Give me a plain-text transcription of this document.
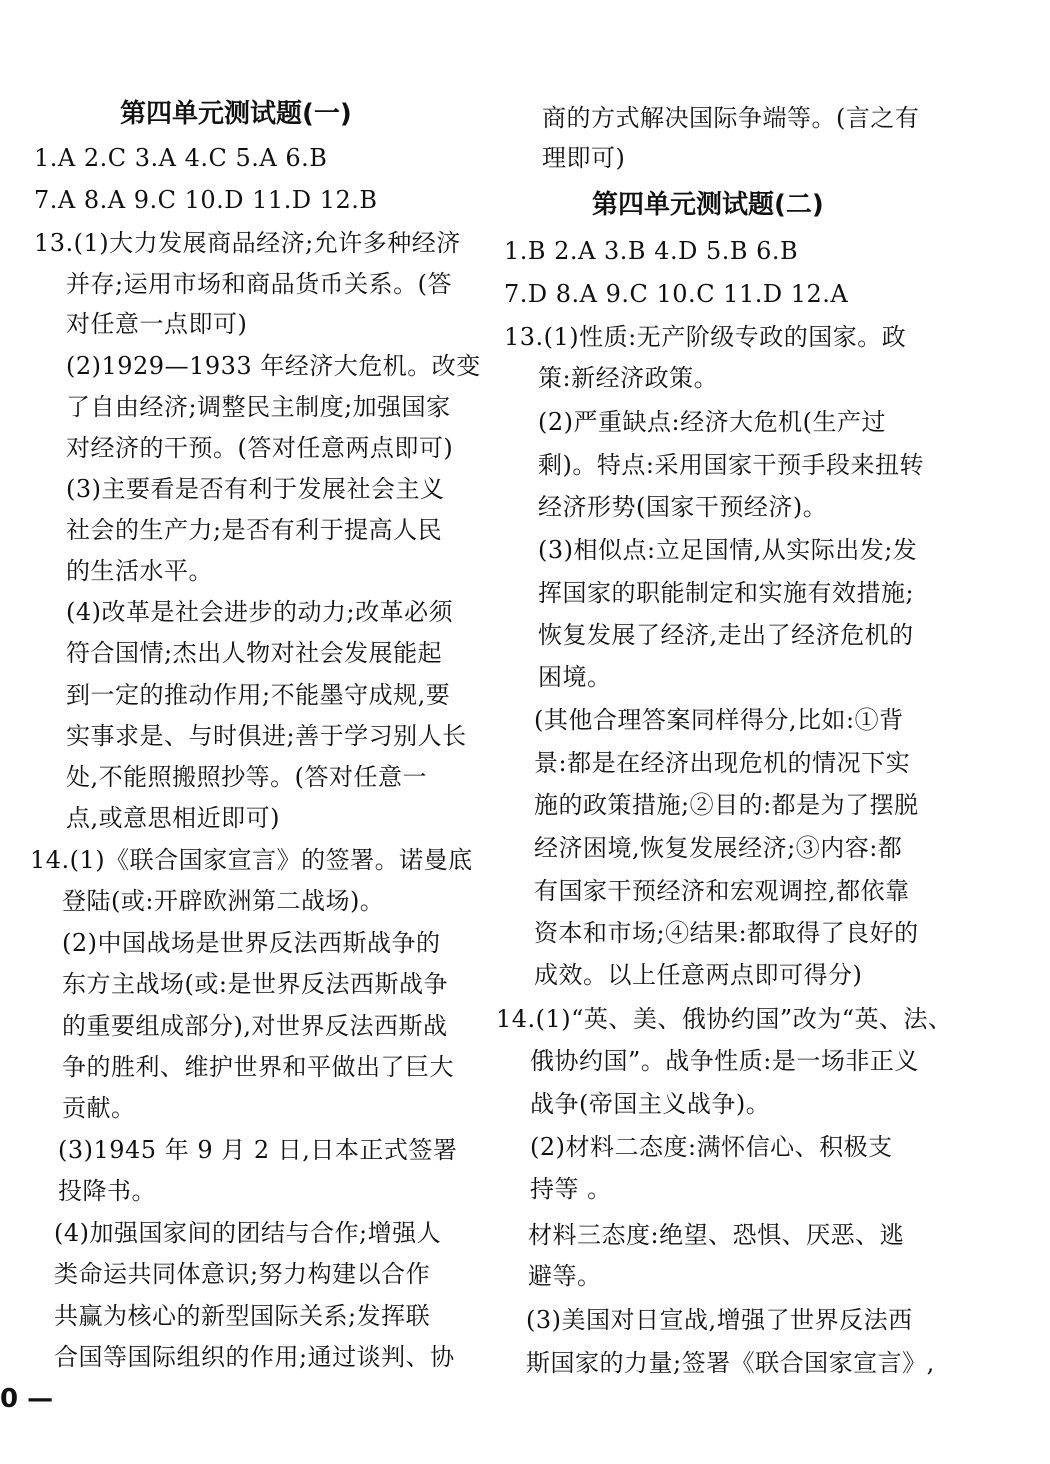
第四单元测试题(一)
1.A 2.C 3.A 4.C 5.A 6.B
7.A 8.A 9.C 10.D 11.D 12.B
13.(1)大力发展商品经济;允许多种经济
并存;运用市场和商品货币关系。(答
对任意一点即可)
(2)1929—1933 年经济大危机。改变
了自由经济;调整民主制度;加强国家
对经济的干预。(答对任意两点即可)
(3)主要看是否有利于发展社会主义
社会的生产力;是否有利于提高人民
的生活水平。
(4)改革是社会进步的动力;改革必须
符合国情;杰出人物对社会发展能起
到一定的推动作用;不能墨守成规,要
实事求是、与时俱进;善于学习别人长
处,不能照搬照抄等。(答对任意一
点,或意思相近即可)
14.(1)《联合国家宣言》的签署。诺曼底
登陆(或:开辟欧洲第二战场)。
(2)中国战场是世界反法西斯战争的
东方主战场(或:是世界反法西斯战争
的重要组成部分),对世界反法西斯战
争的胜利、维护世界和平做出了巨大
贡献。
(3)1945 年 9 月 2 日,日本正式签署
投降书。
(4)加强国家间的团结与合作;增强人
类命运共同体意识;努力构建以合作
共赢为核心的新型国际关系;发挥联
合国等国际组织的作用;通过谈判、协
商的方式解决国际争端等。(言之有
理即可)
第四单元测试题(二)
1.B 2.A 3.B 4.D 5.B 6.B
7.D 8.A 9.C 10.C 11.D 12.A
13.(1)性质:无产阶级专政的国家。政
策:新经济政策。
(2)严重缺点:经济大危机(生产过
剩)。特点:采用国家干预手段来扭转
经济形势(国家干预经济)。
(3)相似点:立足国情,从实际出发;发
挥国家的职能制定和实施有效措施;
恢复发展了经济,走出了经济危机的
困境。
(其他合理答案同样得分,比如:①背
景:都是在经济出现危机的情况下实
施的政策措施;②目的:都是为了摆脱
经济困境,恢复发展经济;③内容:都
有国家干预经济和宏观调控,都依靠
资本和市场;④结果:都取得了良好的
成效。以上任意两点即可得分)
14.(1)“英、美、俄协约国”改为“英、法、
俄协约国”。战争性质:是一场非正义
战争(帝国主义战争)。
(2)材料二态度:满怀信心、积极支
持等 。
材料三态度:绝望、恐惧、厌恶、逃
避等。
(3)美国对日宣战,增强了世界反法西
斯国家的力量;签署《联合国家宣言》,
0 —
